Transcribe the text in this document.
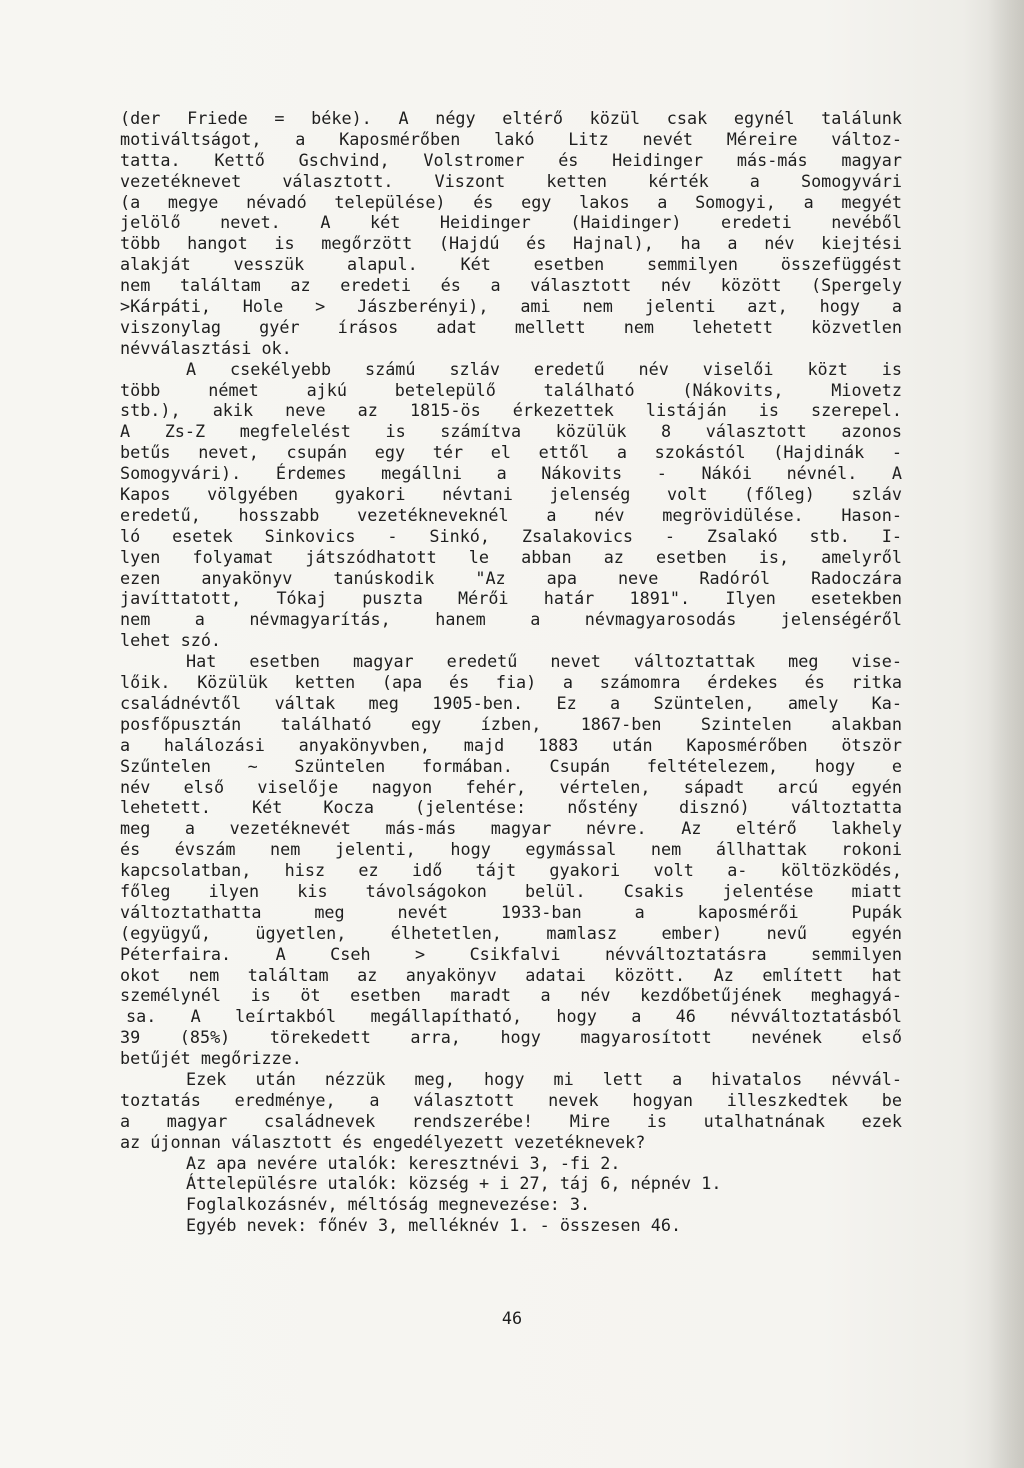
(der Friede = béke). A négy eltérő közül csak egynél találunk
motiváltságot, a Kaposmérőben lakó Litz nevét Méreire változ-
tatta. Kettő Gschvind, Volstromer és Heidinger más-más magyar
vezetéknevet választott. Viszont ketten kérték a Somogyvári
(a megye névadó települése) és egy lakos a Somogyi, a megyét
jelölő nevet. A két Heidinger (Haidinger) eredeti nevéből
több hangot is megőrzött (Hajdú és Hajnal), ha a név kiejtési
alakját vesszük alapul. Két esetben semmilyen összefüggést
nem találtam az eredeti és a választott név között (Spergely
>Kárpáti, Hole > Jászberényi), ami nem jelenti azt, hogy a
viszonylag gyér írásos adat mellett nem lehetett közvetlen
névválasztási ok.
A csekélyebb számú szláv eredetű név viselői közt is
több német ajkú betelepülő található (Nákovits, Miovetz
stb.), akik neve az 1815-ös érkezettek listáján is szerepel.
A Zs-Z megfelelést is számítva közülük 8 választott azonos
betűs nevet, csupán egy tér el ettől a szokástól (Hajdinák -
Somogyvári). Érdemes megállni a Nákovits - Nákói névnél. A
Kapos völgyében gyakori névtani jelenség volt (főleg) szláv
eredetű, hosszabb vezetékneveknél a név megrövidülése. Hason-
ló esetek Sinkovics - Sinkó, Zsalakovics - Zsalakó stb. I-
lyen folyamat játszódhatott le abban az esetben is, amelyről
ezen anyakönyv tanúskodik "Az apa neve Radóról Radoczára
javíttatott, Tókaj puszta Mérői határ 1891". Ilyen esetekben
nem a névmagyarítás, hanem a névmagyarosodás jelenségéről
lehet szó.
Hat esetben magyar eredetű nevet változtattak meg vise-
lőik. Közülük ketten (apa és fia) a számomra érdekes és ritka
családnévtől váltak meg 1905-ben. Ez a Szüntelen, amely Ka-
posfőpusztán található egy ízben, 1867-ben Szintelen alakban
a halálozási anyakönyvben, majd 1883 után Kaposmérőben ötször
Szűntelen ~ Szüntelen formában. Csupán feltételezem, hogy e
név első viselője nagyon fehér, vértelen, sápadt arcú egyén
lehetett. Két Kocza (jelentése: nőstény disznó) változtatta
meg a vezetéknevét más-más magyar névre. Az eltérő lakhely
és évszám nem jelenti, hogy egymással nem állhattak rokoni
kapcsolatban, hisz ez idő tájt gyakori volt a- költözködés,
főleg ilyen kis távolságokon belül. Csakis jelentése miatt
változtathatta meg nevét 1933-ban a kaposmérői Pupák
(együgyű, ügyetlen, élhetetlen, mamlasz ember) nevű egyén
Péterfaira. A Cseh > Csikfalvi névváltoztatásra semmilyen
okot nem találtam az anyakönyv adatai között. Az említett hat
személynél is öt esetben maradt a név kezdőbetűjének meghagyá-
sa. A leírtakból megállapítható, hogy a 46 névváltoztatásból
39 (85%) törekedett arra, hogy magyarosított nevének első
betűjét megőrizze.
Ezek után nézzük meg, hogy mi lett a hivatalos névvál-
toztatás eredménye, a választott nevek hogyan illeszkedtek be
a magyar családnevek rendszerébe! Mire is utalhatnának ezek
az újonnan választott és engedélyezett vezetéknevek?
Az apa nevére utalók: keresztnévi 3, -fi 2.
Áttelepülésre utalók: község + i 27, táj 6, népnév 1.
Foglalkozásnév, méltóság megnevezése: 3.
Egyéb nevek: főnév 3, melléknév 1. - összesen 46.
46
